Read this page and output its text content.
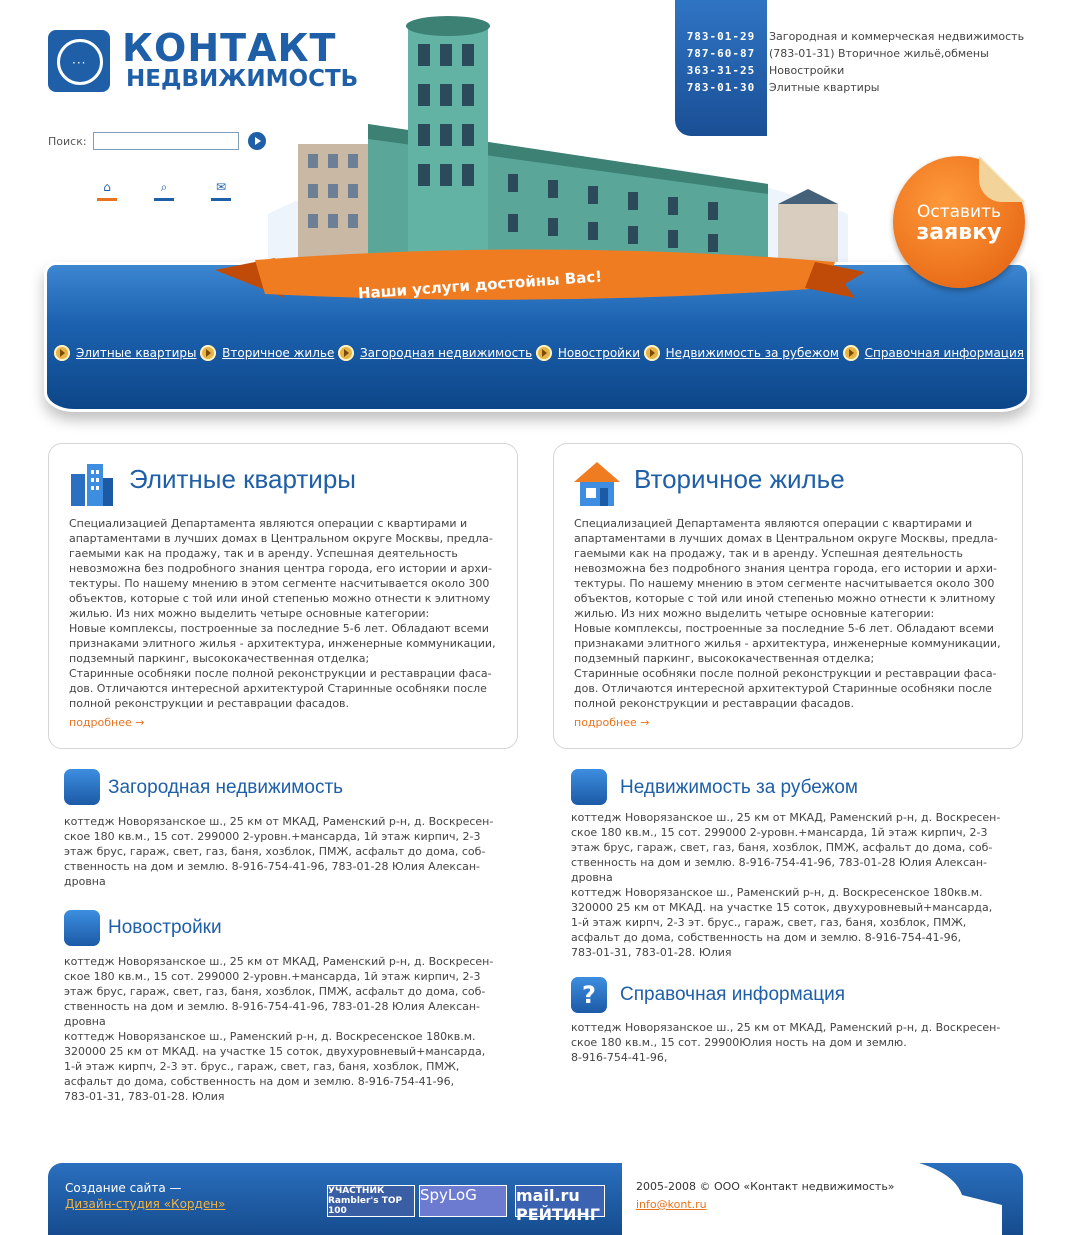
··· КОНТАКТ
НЕДВИЖИМОСТЬ
Поиск:
⌂	⌕	✉
783-01-29	Загородная и коммерческая недвижимость
787-60-87	(783-01-31) Вторичное жильё,обмены
363-31-25	Новостройки
783-01-30	Элитные квартиры
Наши услуги достойны Вас!
Оставить
заявку
Элитные квартиры Вторичное жилье Загородная недвижимость Новостройки Недвижимость за рубежом Справочная информация
Элитные квартиры
Специализацией Департамента являются операции с квартирами и
апартаментами в лучших домах в Центральном округе Москвы, предла-
гаемыми как на продажу, так и в аренду. Успешная деятельность
невозможна без подробного знания центра города, его истории и архи-
тектуры. По нашему мнению в этом сегменте насчитывается около 300
объектов, которые с той или иной степенью можно отнести к элитному
жилью. Из них можно выделить четыре основные категории:
Новые комплексы, построенные за последние 5-6 лет. Обладают всеми
признаками элитного жилья - архитектура, инженерные коммуникации,
подземный паркинг, высококачественная отделка;
Старинные особняки после полной реконструкции и реставрации фаса-
дов. Отличаются интересной архитектурой Старинные особняки после
полной реконструкции и реставрации фасадов.
подробнее →
Вторичное жилье
Специализацией Департамента являются операции с квартирами и
апартаментами в лучших домах в Центральном округе Москвы, предла-
гаемыми как на продажу, так и в аренду. Успешная деятельность
невозможна без подробного знания центра города, его истории и архи-
тектуры. По нашему мнению в этом сегменте насчитывается около 300
объектов, которые с той или иной степенью можно отнести к элитному
жилью. Из них можно выделить четыре основные категории:
Новые комплексы, построенные за последние 5-6 лет. Обладают всеми
признаками элитного жилья - архитектура, инженерные коммуникации,
подземный паркинг, высококачественная отделка;
Старинные особняки после полной реконструкции и реставрации фаса-
дов. Отличаются интересной архитектурой Старинные особняки после
полной реконструкции и реставрации фасадов.
подробнее →
Загородная недвижимость
коттедж Новорязанское ш., 25 км от МКАД, Раменский р-н, д. Воскресен-
ское 180 кв.м., 15 сот. 299000 2-уровн.+мансарда, 1й этаж кирпич, 2-3
этаж брус, гараж, свет, газ, баня, хозблок, ПМЖ, асфальт до дома, соб-
ственность на дом и землю. 8-916-754-41-96, 783-01-28 Юлия Алексан-
дровна
Новостройки
коттедж Новорязанское ш., 25 км от МКАД, Раменский р-н, д. Воскресен-
ское 180 кв.м., 15 сот. 299000 2-уровн.+мансарда, 1й этаж кирпич, 2-3
этаж брус, гараж, свет, газ, баня, хозблок, ПМЖ, асфальт до дома, соб-
ственность на дом и землю. 8-916-754-41-96, 783-01-28 Юлия Алексан-
дровна
коттедж Новорязанское ш., Раменский р-н, д. Воскресенское 180кв.м.
320000 25 км от МКАД. на участке 15 соток, двухуровневый+мансарда,
1-й этаж кирпч, 2-3 эт. брус., гараж, свет, газ, баня, хозблок, ПМЖ,
асфальт до дома, собственность на дом и землю. 8-916-754-41-96,
783-01-31, 783-01-28. Юлия
Недвижимость за рубежом
коттедж Новорязанское ш., 25 км от МКАД, Раменский р-н, д. Воскресен-
ское 180 кв.м., 15 сот. 299000 2-уровн.+мансарда, 1й этаж кирпич, 2-3
этаж брус, гараж, свет, газ, баня, хозблок, ПМЖ, асфальт до дома, соб-
ственность на дом и землю. 8-916-754-41-96, 783-01-28 Юлия Алексан-
дровна
коттедж Новорязанское ш., Раменский р-н, д. Воскресенское 180кв.м.
320000 25 км от МКАД. на участке 15 соток, двухуровневый+мансарда,
1-й этаж кирпч, 2-3 эт. брус., гараж, свет, газ, баня, хозблок, ПМЖ,
асфальт до дома, собственность на дом и землю. 8-916-754-41-96,
783-01-31, 783-01-28. Юлия
?	Справочная информация
коттедж Новорязанское ш., 25 км от МКАД, Раменский р-н, д. Воскресен-
ское 180 кв.м., 15 сот. 29900Юлия ность на дом и землю.
8-916-754-41-96,
Создание сайта —
Дизайн-студия «Корден»
УЧАСТНИК Rambler's TOP 100
SpyLoG	mail.ru РЕЙТИНГ
2005-2008 © ООО «Контакт недвижимость»
info@kont.ru
